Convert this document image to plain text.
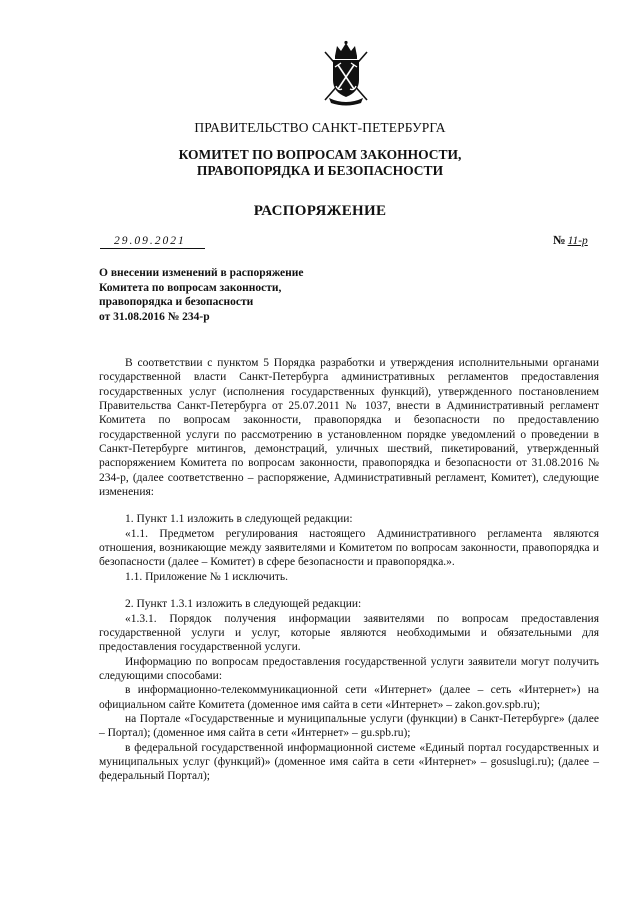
ПРАВИТЕЛЬСТВО САНКТ-ПЕТЕРБУРГА
КОМИТЕТ ПО ВОПРОСАМ ЗАКОННОСТИ,
ПРАВОПОРЯДКА И БЕЗОПАСНОСТИ
РАСПОРЯЖЕНИЕ
29.09.2021	№ 11-р
О внесении изменений в распоряжение
Комитета по вопросам законности,
правопорядка и безопасности
от 31.08.2016 № 234-р

В соответствии с пунктом 5 Порядка разработки и утверждения исполнительными органами государственной власти Санкт-Петербурга административных регламентов предоставления государственных услуг (исполнения государственных функций), утвержденного постановлением Правительства Санкт-Петербурга от 25.07.2011 № 1037, внести в Административный регламент Комитета по вопросам законности, правопорядка и безопасности по предоставлению государственной услуги по рассмотрению в установленном порядке уведомлений о проведении в Санкт-Петербурге митингов, демонстраций, уличных шествий, пикетирований, утвержденный распоряжением Комитета по вопросам законности, правопорядка и безопасности от 31.08.2016 № 234-р, (далее соответственно – распоряжение, Административный регламент, Комитет), следующие изменения:

1. Пункт 1.1 изложить в следующей редакции:

«1.1. Предметом регулирования настоящего Административного регламента являются отношения, возникающие между заявителями и Комитетом по вопросам законности, правопорядка и безопасности (далее – Комитет) в сфере безопасности и правопорядка.».

1.1. Приложение № 1 исключить.

2. Пункт 1.3.1 изложить в следующей редакции:

«1.3.1. Порядок получения информации заявителями по вопросам предоставления государственной услуги и услуг, которые являются необходимыми и обязательными для предоставления государственной услуги.

Информацию по вопросам предоставления государственной услуги заявители могут получить следующими способами:

в информационно-телекоммуникационной сети «Интернет» (далее – сеть «Интернет») на официальном сайте Комитета (доменное имя сайта в сети «Интернет» – zakon.gov.spb.ru);

на Портале «Государственные и муниципальные услуги (функции) в Санкт-Петербурге» (далее – Портал); (доменное имя сайта в сети «Интернет» – gu.spb.ru);

в федеральной государственной информационной системе «Единый портал государственных и муниципальных услуг (функций)» (доменное имя сайта в сети «Интернет» – gosuslugi.ru); (далее – федеральный Портал);
